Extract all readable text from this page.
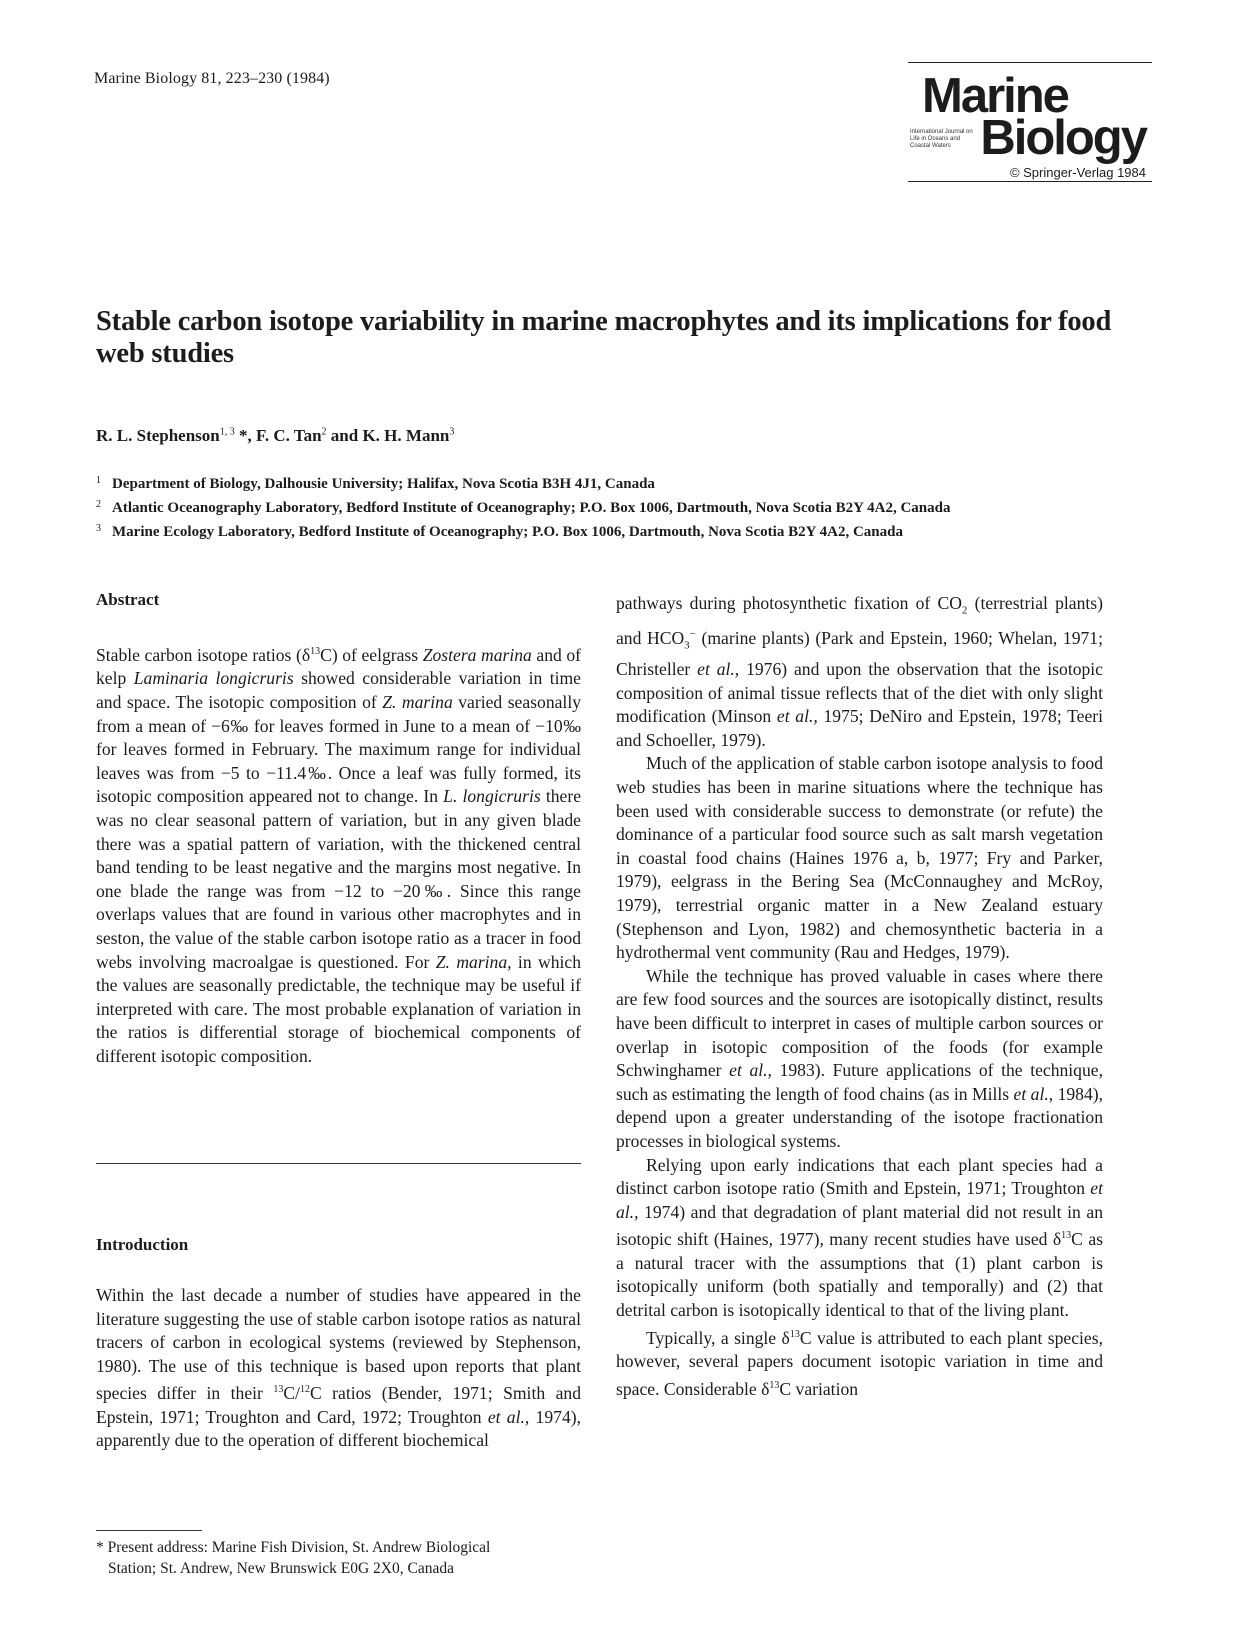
Marine Biology 81, 223–230 (1984)	Marine
International Journal on Life in Oceans and Coastal Waters Biology
© Springer-Verlag 1984
Stable carbon isotope variability in marine macrophytes and its implications for food web studies
R. L. Stephenson$^{1, 3}$ *, F. C. Tan$^2$ and K. H. Mann$^3$
1 Department of Biology, Dalhousie University; Halifax, Nova Scotia B3H 4J1, Canada
2 Atlantic Oceanography Laboratory, Bedford Institute of Oceanography; P.O. Box 1006, Dartmouth, Nova Scotia B2Y 4A2, Canada
3 Marine Ecology Laboratory, Bedford Institute of Oceanography; P.O. Box 1006, Dartmouth, Nova Scotia B2Y 4A2, Canada
Abstract

Stable carbon isotope ratios $(\delta^{13}C)$ of eelgrass Zostera marina and of kelp Laminaria longicruris showed considerable variation in time and space. The isotopic composition of Z. marina varied seasonally from a mean of −6‰ for leaves formed in June to a mean of −10‰ for leaves formed in February. The maximum range for individual leaves was from −5 to −11.4‰. Once a leaf was fully formed, its isotopic composition appeared not to change. In L. longicruris there was no clear seasonal pattern of variation, but in any given blade there was a spatial pattern of variation, with the thickened central band tending to be least negative and the margins most negative. In one blade the range was from −12 to −20‰. Since this range overlaps values that are found in various other macrophytes and in seston, the value of the stable carbon isotope ratio as a tracer in food webs involving macroalgae is questioned. For Z. marina, in which the values are seasonally predictable, the technique may be useful if interpreted with care. The most probable explanation of variation in the ratios is differential storage of biochemical components of different isotopic composition.

Introduction

Within the last decade a number of studies have appeared in the literature suggesting the use of stable carbon isotope ratios as natural tracers of carbon in ecological systems (reviewed by Stephenson, 1980). The use of this technique is based upon reports that plant species differ in their $^{13}$C/$^{12}$C ratios (Bender, 1971; Smith and Epstein, 1971; Troughton and Card, 1972; Troughton et al., 1974), apparently due to the operation of different biochemical

pathways during photosynthetic fixation of $CO_2$ (terrestrial plants) and $HCO_3^-$ (marine plants) (Park and Epstein, 1960; Whelan, 1971; Christeller et al., 1976) and upon the observation that the isotopic composition of animal tissue reflects that of the diet with only slight modification (Minson et al., 1975; DeNiro and Epstein, 1978; Teeri and Schoeller, 1979).

Much of the application of stable carbon isotope analysis to food web studies has been in marine situations where the technique has been used with considerable success to demonstrate (or refute) the dominance of a particular food source such as salt marsh vegetation in coastal food chains (Haines 1976 a, b, 1977; Fry and Parker, 1979), eelgrass in the Bering Sea (McConnaughey and McRoy, 1979), terrestrial organic matter in a New Zealand estuary (Stephenson and Lyon, 1982) and chemosynthetic bacteria in a hydrothermal vent community (Rau and Hedges, 1979).

While the technique has proved valuable in cases where there are few food sources and the sources are isotopically distinct, results have been difficult to interpret in cases of multiple carbon sources or overlap in isotopic composition of the foods (for example Schwinghamer et al., 1983). Future applications of the technique, such as estimating the length of food chains (as in Mills et al., 1984), depend upon a greater understanding of the isotope fractionation processes in biological systems.

Relying upon early indications that each plant species had a distinct carbon isotope ratio (Smith and Epstein, 1971; Troughton et al., 1974) and that degradation of plant material did not result in an isotopic shift (Haines, 1977), many recent studies have used $\delta^{13}C$ as a natural tracer with the assumptions that (1) plant carbon is isotopically uniform (both spatially and temporally) and (2) that detrital carbon is isotopically identical to that of the living plant.

Typically, a single $\delta^{13}C$ value is attributed to each plant species, however, several papers document isotopic variation in time and space. Considerable $\delta^{13}C$ variation

* Present address: Marine Fish Division, St. Andrew Biological
Station; St. Andrew, New Brunswick E0G 2X0, Canada
